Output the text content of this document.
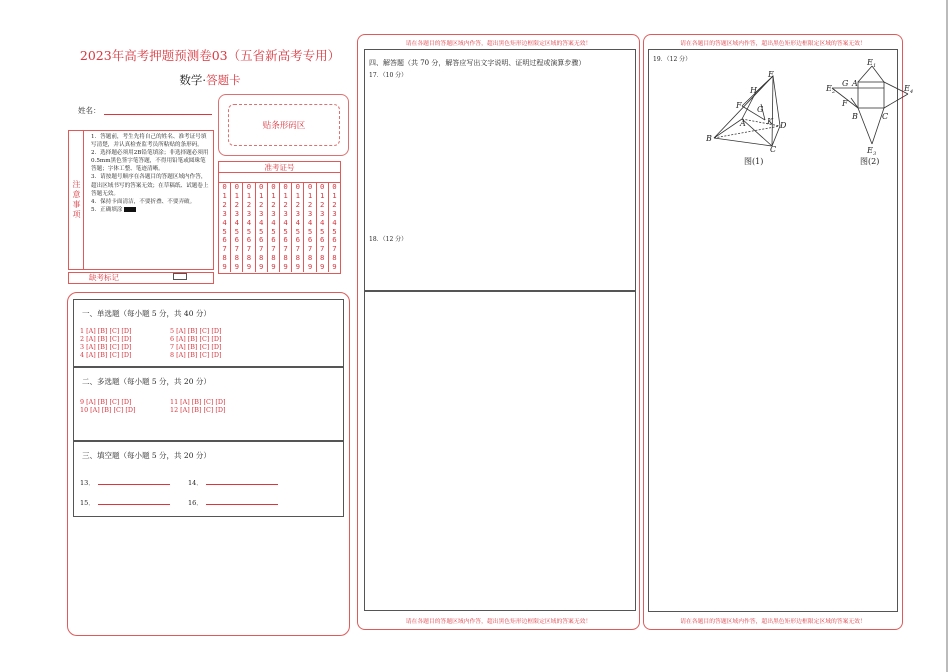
2023年高考押题预测卷03（五省新高考专用）
数学·答题卡
姓名：
贴条形码区
注意事项
1．答题前，考生先将自己的姓名、准考证号填写清楚，并认真检查监考员所粘贴的条形码。
2．选择题必须用2B铅笔填涂；非选择题必须用0.5mm黑色签字笔答题，不得用铅笔或圆珠笔答题；字体工整、笔迹清晰。
3．请按题号顺序在各题目的答题区域内作答，超出区域书写的答案无效；在草稿纸、试题卷上答题无效。
4．保持卡面清洁，不要折叠、不要弄破。
5．正确填涂
准考证号
0
1
2
3
4
5
6
7
8
9
0
1
2
3
4
5
6
7
8
9
0
1
2
3
4
5
6
7
8
9
0
1
2
3
4
5
6
7
8
9
0
1
2
3
4
5
6
7
8
9
0
1
2
3
4
5
6
7
8
9
0
1
2
3
4
5
6
7
8
9
0
1
2
3
4
5
6
7
8
9
0
1
2
3
4
5
6
7
8
9
0
1
2
3
4
5
6
7
8
9
缺考标记
一、单选题（每小题 5 分，共 40 分）
1 [A] [B] [C] [D]
2 [A] [B] [C] [D]
3 [A] [B] [C] [D]
4 [A] [B] [C] [D]
5 [A] [B] [C] [D]
6 [A] [B] [C] [D]
7 [A] [B] [C] [D]
8 [A] [B] [C] [D]
二、多选题（每小题 5 分，共 20 分）
9 [A] [B] [C] [D]
10 [A] [B] [C] [D]
11 [A] [B] [C] [D]
12 [A] [B] [C] [D]
三、填空题（每小题 5 分，共 20 分）
13．	14．
15．	16．
请在各题目的答题区域内作答，超出黑色矩形边框限定区域的答案无效！
四、解答题（共 70 分，解答应写出文字说明、证明过程或演算步骤）
17．（10 分）
18．（12 分）
请在各题目的答题区域内作答，超出黑色矩形边框限定区域的答案无效！
请在各题目的答题区域内作答，超出黑色矩形边框限定区域的答案无效！
19．（12 分）
请在各题目的答题区域内作答，超出黑色矩形边框限定区域的答案无效！
E
H
F G
K
A	D
B
C
图(1)
E 1
G A
E 2	E 4
F
B	C
E 3
图(2)
